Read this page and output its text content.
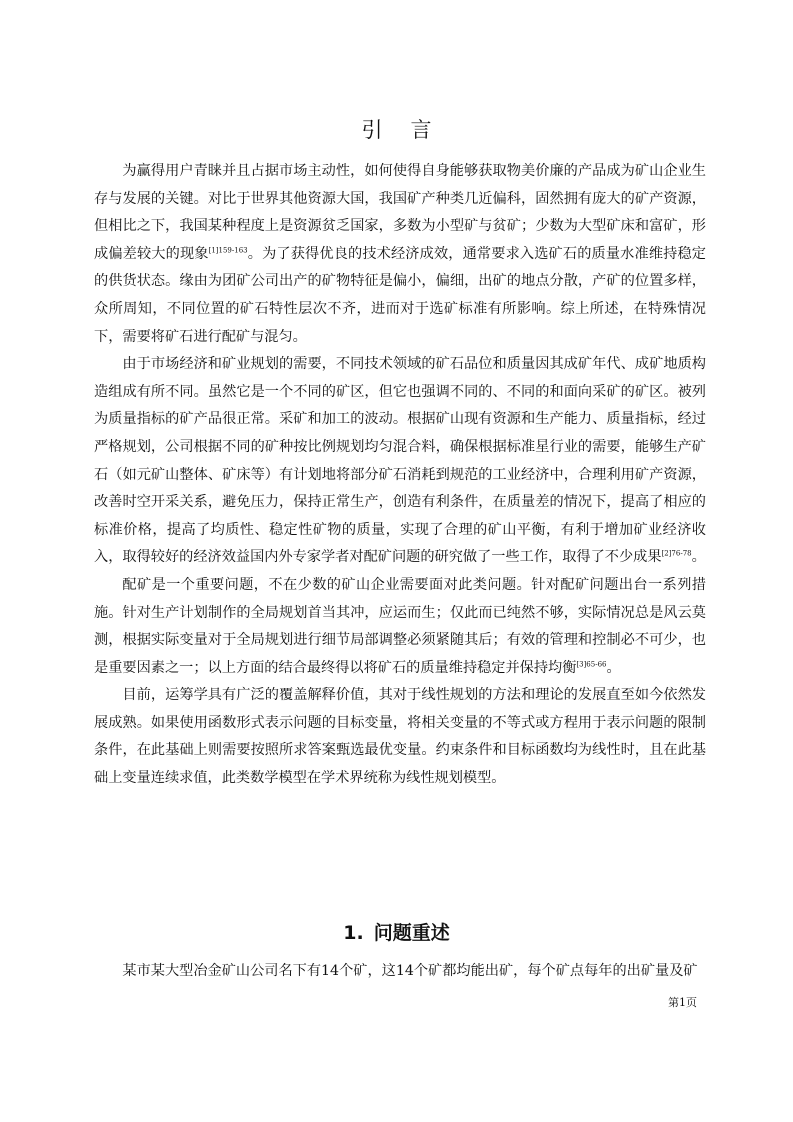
引言

为赢得用户青睐并且占据市场主动性，如何使得自身能够获取物美价廉的产品成为矿山企业生存与发展的关键。对比于世界其他资源大国，我国矿产种类几近偏科，固然拥有庞大的矿产资源，但相比之下，我国某种程度上是资源贫乏国家，多数为小型矿与贫矿；少数为大型矿床和富矿，形成偏差较大的现象$^{[1]159-163}$。为了获得优良的技术经济成效，通常要求入选矿石的质量水准维持稳定的供货状态。缘由为团矿公司出产的矿物特征是偏小，偏细，出矿的地点分散，产矿的位置多样，众所周知，不同位置的矿石特性层次不齐，进而对于选矿标准有所影响。综上所述，在特殊情况下，需要将矿石进行配矿与混匀。

由于市场经济和矿业规划的需要，不同技术领域的矿石品位和质量因其成矿年代、成矿地质构造组成有所不同。虽然它是一个不同的矿区，但它也强调不同的、不同的和面向采矿的矿区。被列为质量指标的矿产品很正常。采矿和加工的波动。根据矿山现有资源和生产能力、质量指标，经过严格规划，公司根据不同的矿种按比例规划均匀混合料，确保根据标准星行业的需要，能够生产矿石（如元矿山整体、矿床等）有计划地将部分矿石消耗到规范的工业经济中，合理利用矿产资源，改善时空开采关系，避免压力，保持正常生产，创造有利条件，在质量差的情况下，提高了相应的标准价格，提高了均质性、稳定性矿物的质量，实现了合理的矿山平衡，有利于增加矿业经济收入，取得较好的经济效益国内外专家学者对配矿问题的研究做了一些工作，取得了不少成果$^{[2]76-78}$。

配矿是一个重要问题，不在少数的矿山企业需要面对此类问题。针对配矿问题出台一系列措施。针对生产计划制作的全局规划首当其冲，应运而生；仅此而已纯然不够，实际情况总是风云莫测，根据实际变量对于全局规划进行细节局部调整必须紧随其后；有效的管理和控制必不可少，也是重要因素之一；以上方面的结合最终得以将矿石的质量维持稳定并保持均衡$^{[3]65-66}$。

目前，运筹学具有广泛的覆盖解释价值，其对于线性规划的方法和理论的发展直至如今依然发展成熟。如果使用函数形式表示问题的目标变量，将相关变量的不等式或方程用于表示问题的限制条件，在此基础上则需要按照所求答案甄选最优变量。约束条件和目标函数均为线性时，且在此基础上变量连续求值，此类数学模型在学术界统称为线性规划模型。

1. 问题重述

某市某大型冶金矿山公司名下有14个矿，这14个矿都均能出矿，每个矿点每年的出矿量及矿

第1页
